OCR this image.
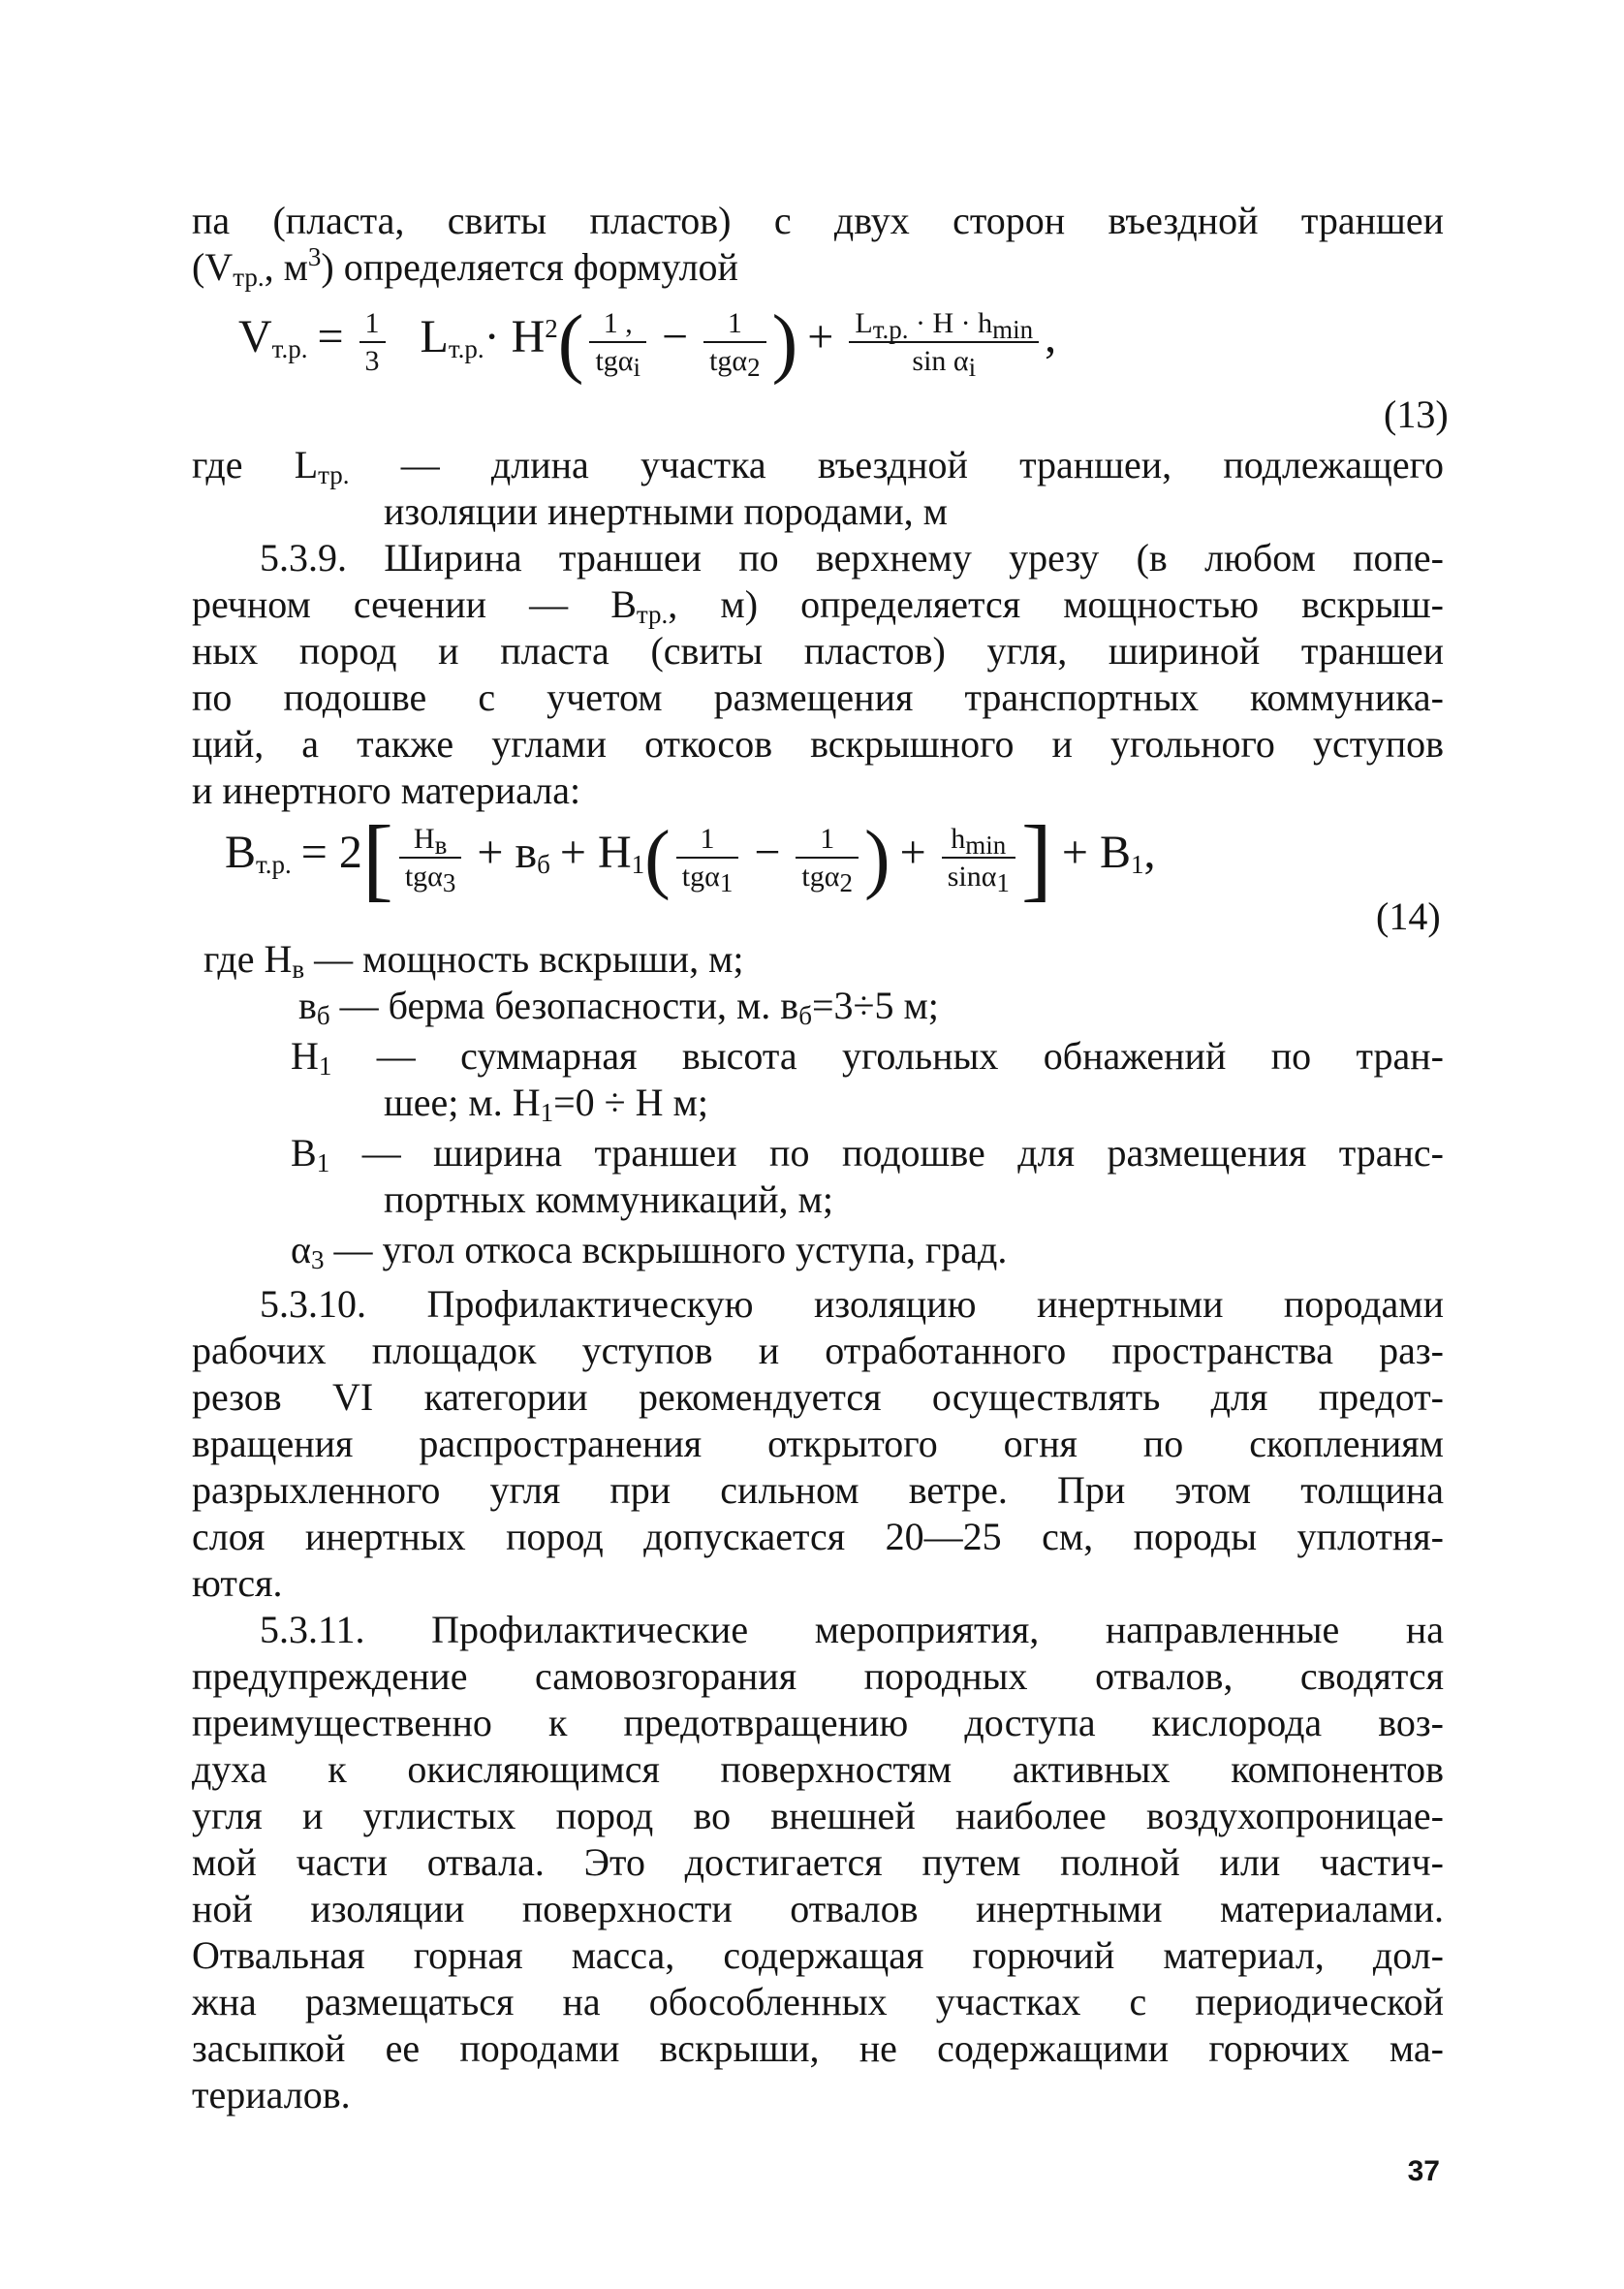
па (пласта, свиты пластов) с двух сторон въездной траншеи
($V_{тр.}$, $м^3$) определяется формулой
$V_{т.р.} = \frac{1}{3} L_{т.р.}\cdot H^2( \frac{1 ,}{tg\alpha_i} - \frac{1}{tg\alpha_2}$ ) + $\frac{L_{т.р.} \cdot H \cdot h_{min}}{\sin \alpha_i}$ ,
(13)
где $L_{тр.}$ — длина участка въездной траншеи, подлежащего
изоляции инертными породами, м
5.3.9. Ширина траншеи по верхнему урезу (в любом попе-
речном сечении — $B_{тр.}$, м) определяется мощностью вскрыш-
ных пород и пласта (свиты пластов) угля, шириной траншеи
по подошве с учетом размещения транспортных коммуника-
ций, а также углами откосов вскрышного и угольного уступов
и инертного материала:
$B_{т.р.} = 2[ \frac{H_в}{tg\alpha_3} + в_б + H_1( \frac{1}{tg\alpha_1} - \frac{1}{tg\alpha_2}$ ) + $\frac{h_{min}}{\sin\alpha_1}$ ] + $B_1$,
(14)
где $H_в$ — мощность вскрыши, м;
$в_б$ — берма безопасности, м. $в_б=3\div 5$ м;
$H_1$ — суммарная высота угольных обнажений по тран-
шее; м. $H_1=0 \div H$ м;
$B_1$ — ширина траншеи по подошве для размещения транс-
портных коммуникаций, м;
$\alpha_3$ — угол откоса вскрышного уступа, град.
5.3.10. Профилактическую изоляцию инертными породами
рабочих площадок уступов и отработанного пространства раз-
резов VI категории рекомендуется осуществлять для предот-
вращения распространения открытого огня по скоплениям
разрыхленного угля при сильном ветре. При этом толщина
слоя инертных пород допускается 20—25 см, породы уплотня-
ются.
5.3.11. Профилактические мероприятия, направленные на
предупреждение самовозгорания породных отвалов, сводятся
преимущественно к предотвращению доступа кислорода воз-
духа к окисляющимся поверхностям активных компонентов
угля и углистых пород во внешней наиболее воздухопроницае-
мой части отвала. Это достигается путем полной или частич-
ной изоляции поверхности отвалов инертными материалами.
Отвальная горная масса, содержащая горючий материал, дол-
жна размещаться на обособленных участках с периодической
засыпкой ее породами вскрыши, не содержащими горючих ма-
териалов.
37
